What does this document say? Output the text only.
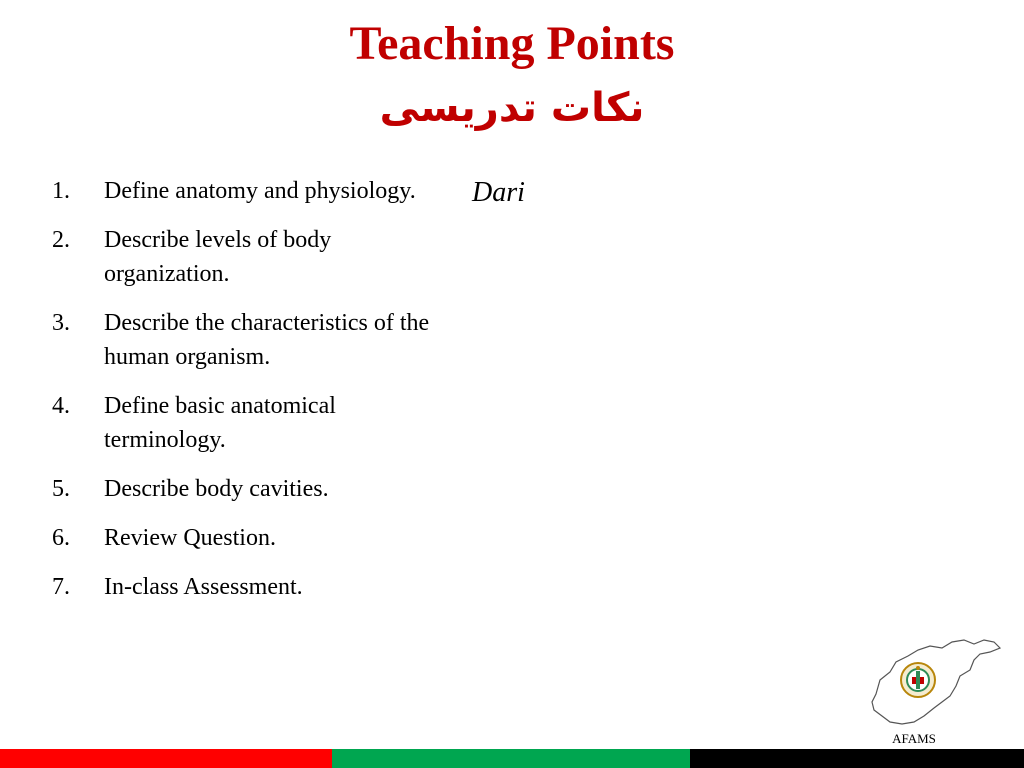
Teaching Points
نکات تدریسی
1.	Define anatomy and physiology.
2.	Describe levels of body organization.
3.	Describe the characteristics of the human organism.
4.	Define basic anatomical terminology.
5.	Describe body cavities.
6.	Review Question.
7.	In-class Assessment.
Dari
AFAMS
